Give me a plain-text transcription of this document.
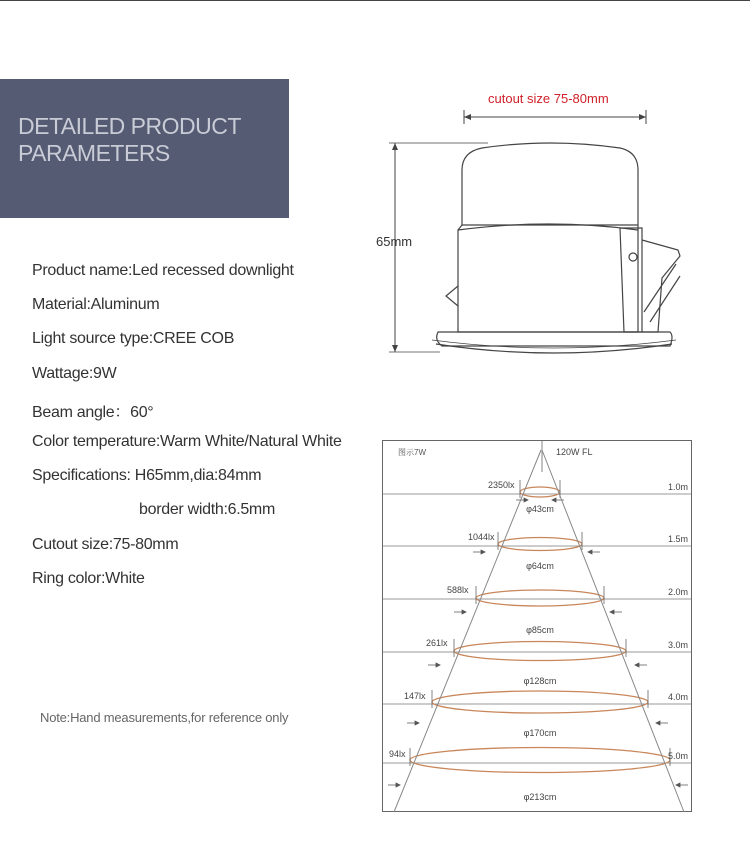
DETAILED PRODUCT
PARAMETERS
Product name:Led recessed downlight
Material:Aluminum
Light source type:CREE COB
Wattage:9W
Beam angle：60°
Color temperature:Warm White/Natural White
Specifications: H65mm,dia:84mm
border width:6.5mm
Cutout size:75-80mm
Ring color:White
Note:Hand measurements,for reference only
cutout size 75-80mm
65mm
图示7W	120W FL
2350lx	1.0m
φ43cm
1044lx	1.5m
φ64cm
588lx	2.0m
φ85cm
261lx	3.0m
φ128cm
147lx	4.0m
φ170cm
94lx	5.0m
φ213cm
